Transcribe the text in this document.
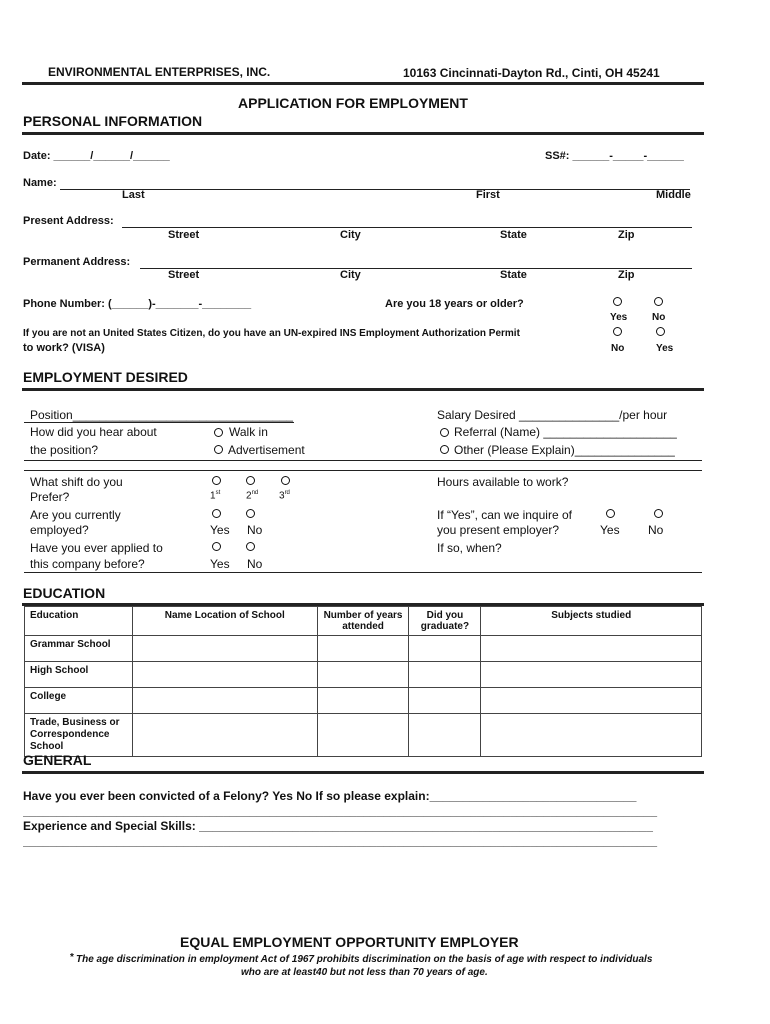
ENVIRONMENTAL ENTERPRISES, INC.	10163 Cincinnati-Dayton Rd., Cinti, OH 45241
APPLICATION FOR EMPLOYMENT
PERSONAL INFORMATION
Date: ______/______/______	SS#: ______-_____-______
Name:
Last	First	Middle
Present Address:
Street	City	State	Zip
Permanent Address:
Street	City	State	Zip
Phone Number: (______)-_______-________	Are you 18 years or older?
Yes No
If you are not an United States Citizen, do you have an UN-expired INS Employment Authorization Permit
to work? (VISA)	No	Yes
EMPLOYMENT DESIRED
Position_________________________________	Salary Desired _______________/per hour
How did you hear about
the position?
Walk in
Advertisement
Referral (Name) ____________________
Other (Please Explain)_______________
What shift do you
Prefer?	1st	2nd 3rd
Hours available to work?
Are you currently
employed?	Yes No
If “Yes”, can we inquire of
you present employer?	Yes No
Have you ever applied to
this company before?	Yes No
If so, when?
EDUCATION
Education	Name Location of School	Number of years attended	Did you graduate?	Subjects studied
Grammar School				
High School				
College				
Trade, Business or Correspondence School				
GENERAL
Have you ever been convicted of a Felony? Yes No If so please explain:_______________________________
_______________________________________________________________________________________________
Experience and Special Skills: ____________________________________________________________________
_______________________________________________________________________________________________
EQUAL EMPLOYMENT OPPORTUNITY EMPLOYER
* The age discrimination in employment Act of 1967 prohibits discrimination on the basis of age with respect to individuals
who are at least40 but not less than 70 years of age.
